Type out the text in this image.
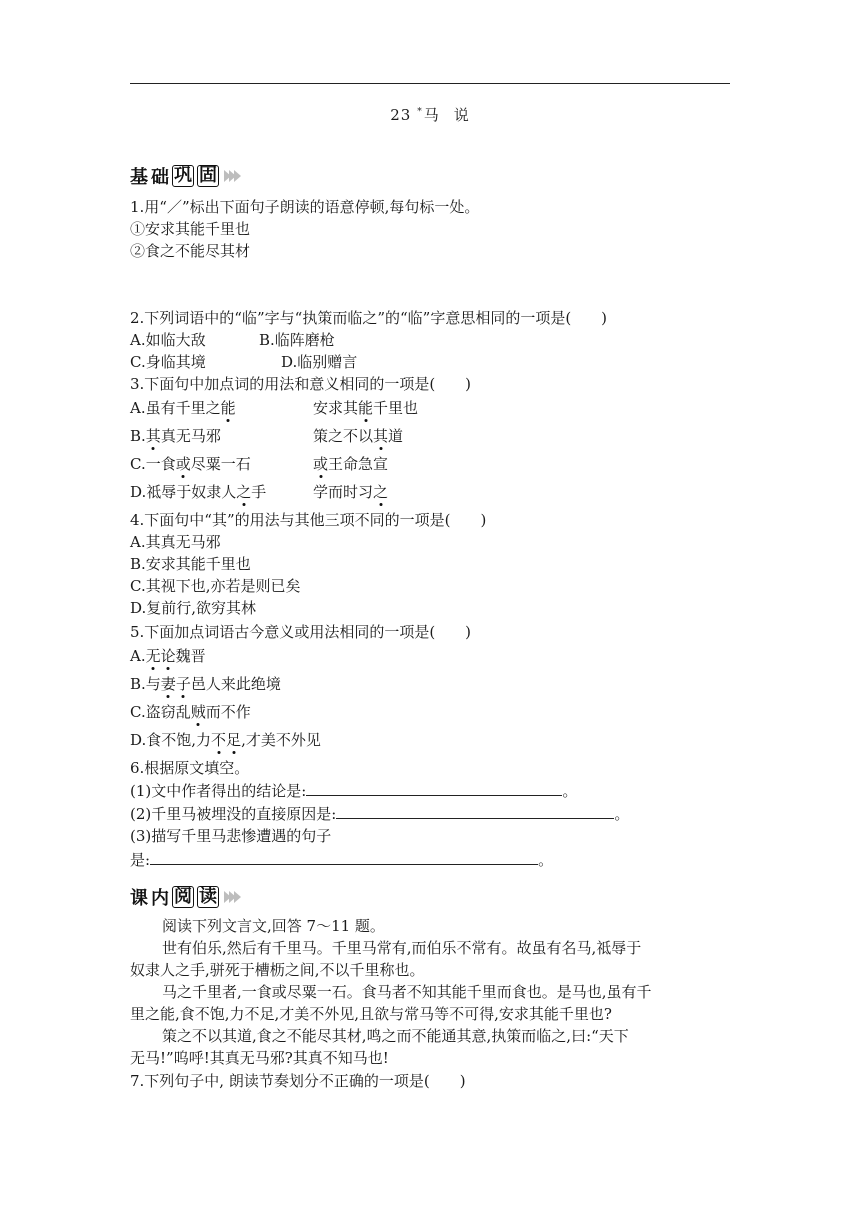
23 *马 说
基 础 巩 固
1.用“／”标出下面句子朗读的语意停顿,每句标一处。
①安求其能千里也
②食之不能尽其材
2.下列词语中的“临”字与“执策而临之”的“临”字意思相同的一项是(　　)
A.如临大敌	B.临阵磨枪
C.身临其境	D.临别赠言
3.下面句中加点词的用法和意义相同的一项是(　　)
A.虽有千里之能	安求其能千里也
B.其真无马邪	策之不以其道
C.一食或尽粟一石	或王命急宣
D.祗辱于奴隶人之手	学而时习之
4.下面句中“其”的用法与其他三项不同的一项是(　　)
A.其真无马邪
B.安求其能千里也
C.其视下也,亦若是则已矣
D.复前行,欲穷其林
5.下面加点词语古今意义或用法相同的一项是(　　)
A.无论魏晋
B.与妻子邑人来此绝境
C.盗窃乱贼而不作
D.食不饱,力不足,才美不外见
6.根据原文填空。
(1)文中作者得出的结论是:	。
(2)千里马被埋没的直接原因是:	。
(3)描写千里马悲惨遭遇的句子
是:	。
课 内 阅 读
阅读下列文言文,回答 7～11 题。
世有伯乐,然后有千里马。千里马常有,而伯乐不常有。故虽有名马,祗辱于
奴隶人之手,骈死于槽枥之间,不以千里称也。
马之千里者,一食或尽粟一石。食马者不知其能千里而食也。是马也,虽有千
里之能,食不饱,力不足,才美不外见,且欲与常马等不可得,安求其能千里也?
策之不以其道,食之不能尽其材,鸣之而不能通其意,执策而临之,曰:“天下
无马!”呜呼!其真无马邪?其真不知马也!
7.下列句子中, 朗读节奏划分不正确的一项是(　　)
